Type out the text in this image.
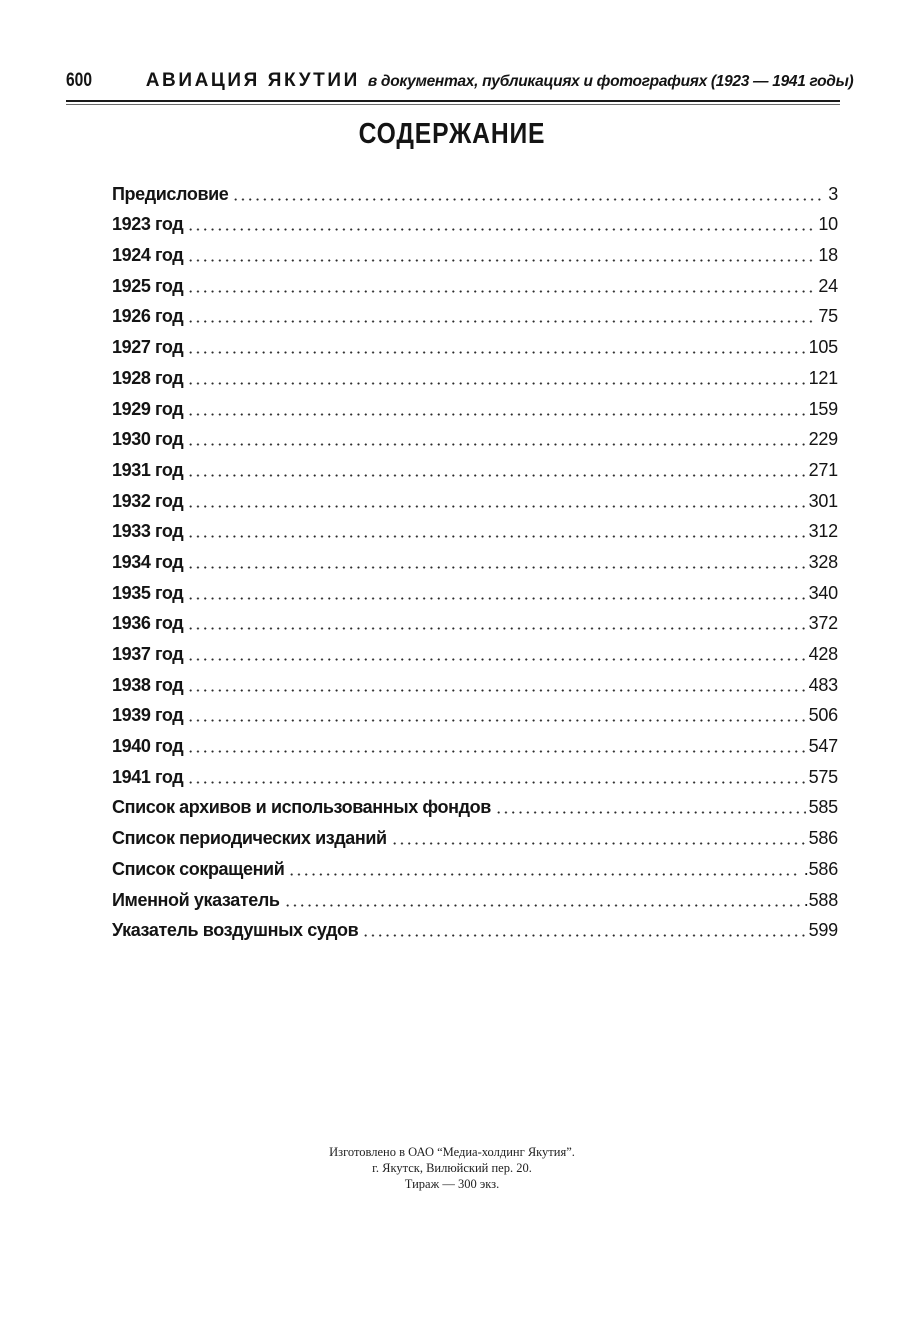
600	АВИАЦИЯ ЯКУТИИ в документах, публикациях и фотографиях (1923 — 1941 годы)
СОДЕРЖАНИЕ
Предисловие	3
1923 год	10
1924 год	18
1925 год	24
1926 год	75
1927 год	105
1928 год	121
1929 год	159
1930 год	229
1931 год	271
1932 год	301
1933 год	312
1934 год	328
1935 год	340
1936 год	372
1937 год	428
1938 год	483
1939 год	506
1940 год	547
1941 год	575
Список архивов и использованных фондов	585
Список периодических изданий	586
Список сокращений	.586
Именной указатель	.588
Указатель воздушных судов	599
Изготовлено в ОАО “Медиа-холдинг Якутия”.
г. Якутск, Вилюйский пер. 20.
Тираж — 300 экз.
